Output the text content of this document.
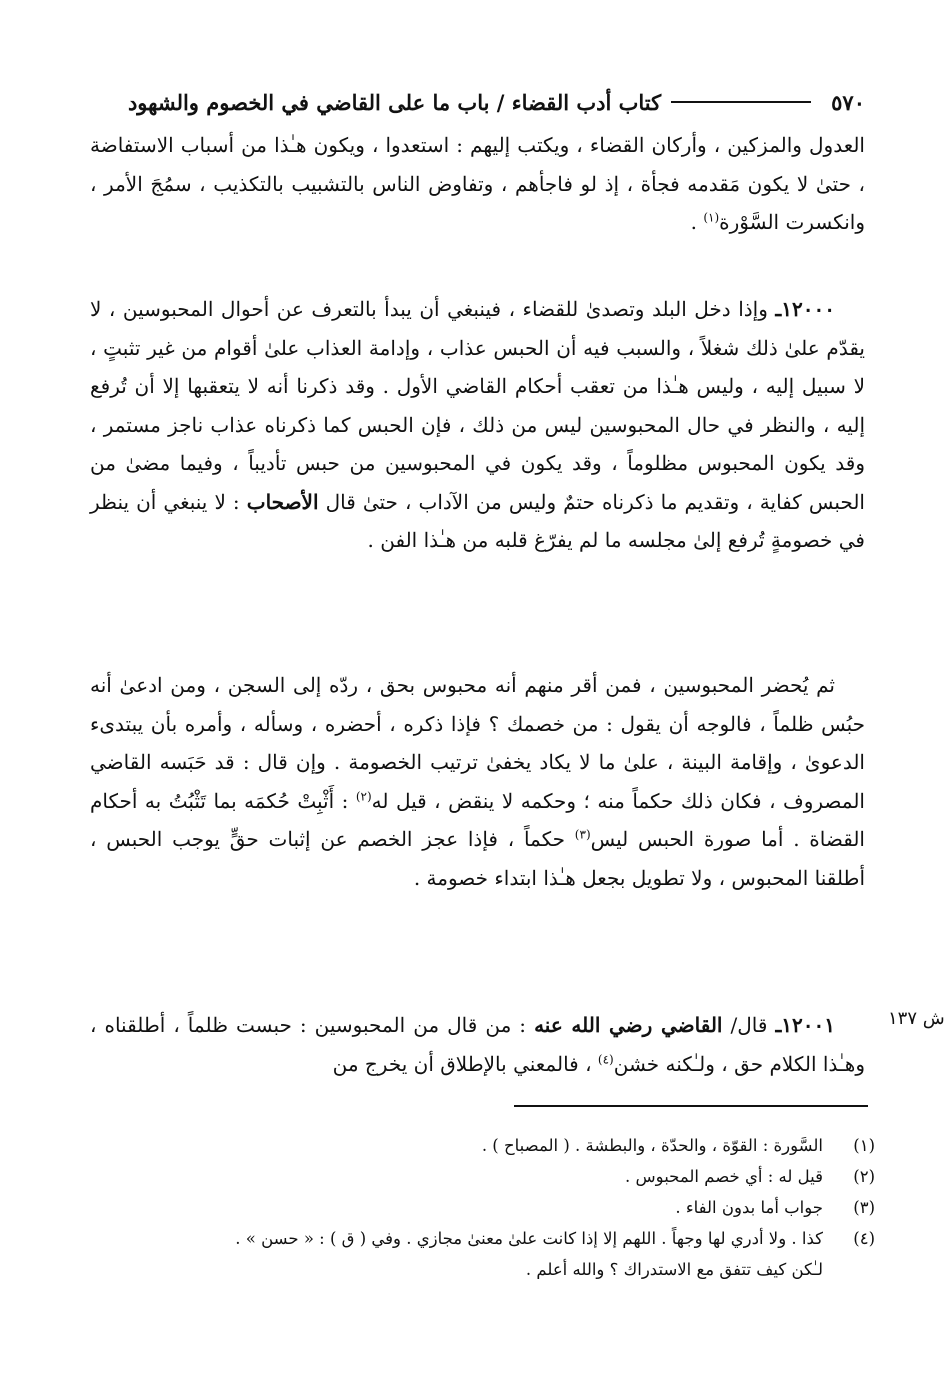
٥٧٠
كتاب أدب القضاء / باب ما على القاضي في الخصوم والشهود
العدول والمزكين ، وأركان القضاء ، ويكتب إليهم : استعدوا ، ويكون هـٰذا من أسباب الاستفاضة ، حتىٰ لا يكون مَقدمه فجأة ، إذ لو فاجأهم ، وتفاوض الناس بالتشبيب بالتكذيب ، سمُجَ الأمر ، وانكسرت السَّوْرة$^{(١)}$ .
١٢٠٠٠ـ وإذا دخل البلد وتصدىٰ للقضاء ، فينبغي أن يبدأ بالتعرف عن أحوال المحبوسين ، لا يقدّم علىٰ ذلك شغلاً ، والسبب فيه أن الحبس عذاب ، وإدامة العذاب علىٰ أقوام من غير تثبتٍ ، لا سبيل إليه ، وليس هـٰذا من تعقب أحكام القاضي الأول . وقد ذكرنا أنه لا يتعقبها إلا أن تُرفع إليه ، والنظر في حال المحبوسين ليس من ذلك ، فإن الحبس كما ذكرناه عذاب ناجز مستمر ، وقد يكون المحبوس مظلوماً ، وقد يكون في المحبوسين من حبس تأديباً ، وفيما مضىٰ من الحبس كفاية ، وتقديم ما ذكرناه حتمٌ وليس من الآداب ، حتىٰ قال الأصحاب : لا ينبغي أن ينظر في خصومةٍ تُرفع إلىٰ مجلسه ما لم يفرّغ قلبه من هـٰذا الفن .
ثم يُحضر المحبوسين ، فمن أقر منهم أنه محبوس بحق ، ردّه إلى السجن ، ومن ادعىٰ أنه حبُس ظلماً ، فالوجه أن يقول : من خصمك ؟ فإذا ذكره ، أحضره ، وسأله ، وأمره بأن يبتدىء الدعوىٰ ، وإقامة البينة ، علىٰ ما لا يكاد يخفىٰ ترتيب الخصومة . وإن قال : قد حَبَسه القاضي المصروف ، فكان ذلك حكماً منه ؛ وحكمه لا ينقض ، قيل له$^{(٢)}$ : أَثْبِتْ حُكمَه بما تَثْبُتُ به أحكام القضاة . أما صورة الحبس ليس$^{(٣)}$ حكماً ، فإذا عجز الخصم عن إثبات حقٍّ يوجب الحبس ، أطلقنا المحبوس ، ولا تطويل بجعل هـٰذا ابتداء خصومة .
ش ١٣٧
١٢٠٠١ـ قال/ القاضي رضي الله عنه : من قال من المحبوسين : حبست ظلماً ، أطلقناه ، وهـٰذا الكلام حق ، ولـٰكنه خشن$^{(٤)}$ ، فالمعني بالإطلاق أن يخرج من
(١)
السَّورة : القوّة ، والحدّة ، والبطشة . ( المصباح ) .
(٢)
قيل له : أي خصم المحبوس .
(٣)
جواب أما بدون الفاء .
(٤)
كذا . ولا أدري لها وجهاً . اللهم إلا إذا كانت علىٰ معنىٰ مجازي . وفي ( ق ) : « حسن » .
لـٰكن كيف تتفق مع الاستدراك ؟ والله أعلم .
